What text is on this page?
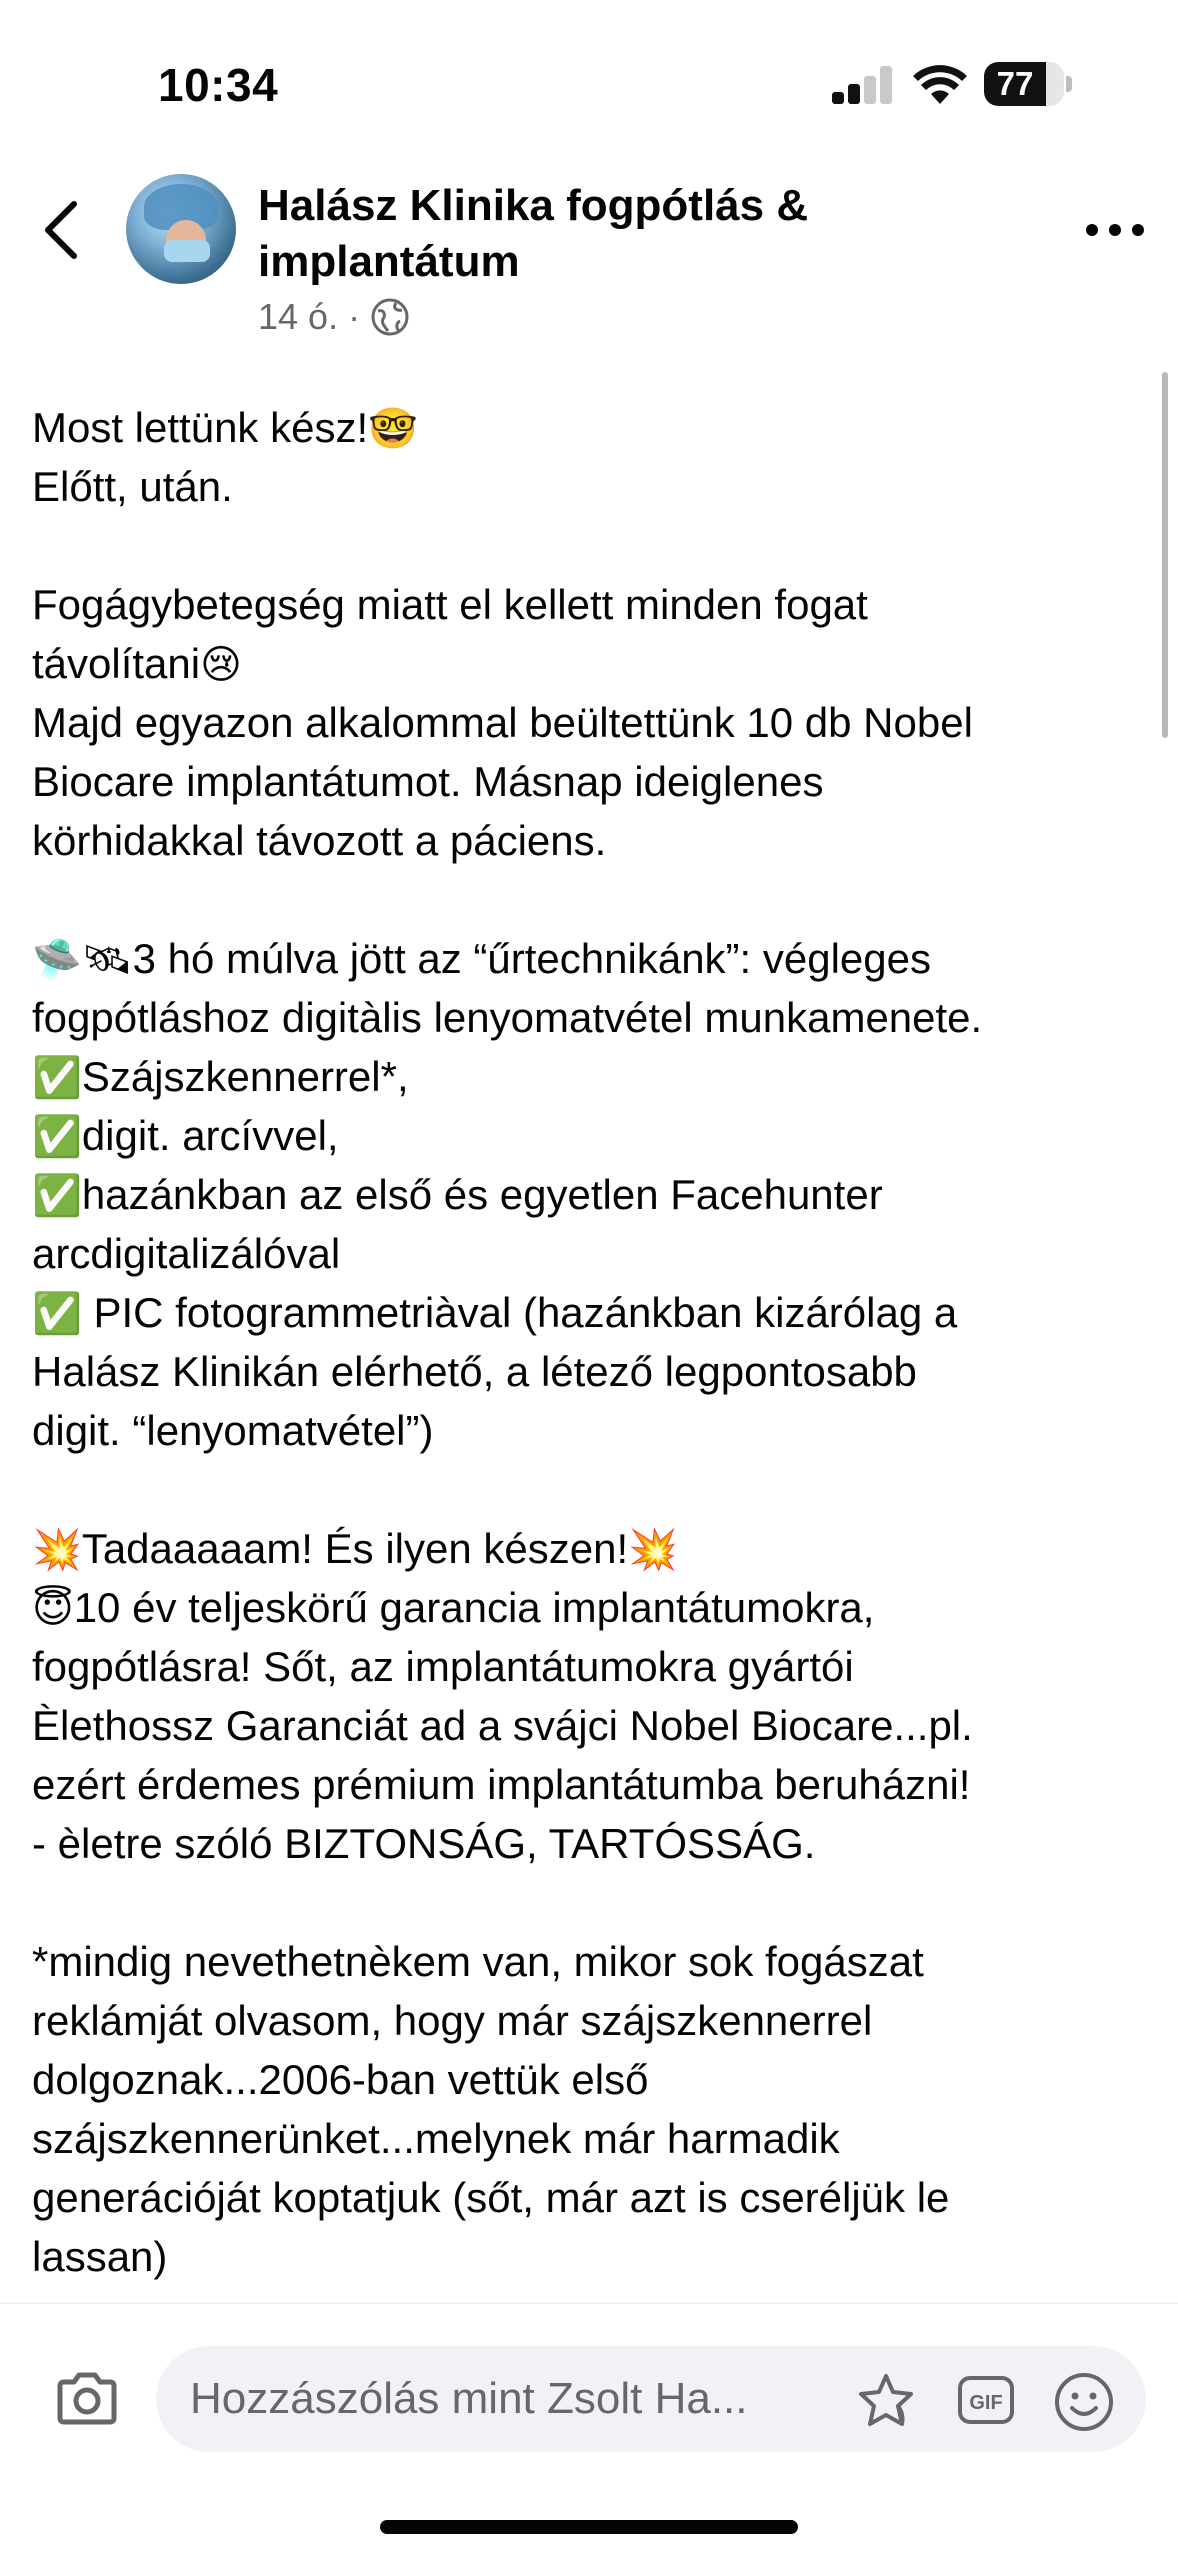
10:34	77
Halász Klinika fogpótlás & implantátum
14 ó. ·
Most lettünk kész!🤓
Előtt, után.
Fogágybetegség miatt el kellett minden fogat
távolítani😢
Majd egyazon alkalommal beültettünk 10 db Nobel
Biocare implantátumot. Másnap ideiglenes
körhidakkal távozott a páciens.
🛸🛰3 hó múlva jött az “űrtechnikánk”: végleges
fogpótláshoz digitàlis lenyomatvétel munkamenete.
✅Szájszkennerrel*,
✅digit. arcívvel,
✅hazánkban az első és egyetlen Facehunter
arcdigitalizálóval
✅ PIC fotogrammetriàval (hazánkban kizárólag a
Halász Klinikán elérhető, a létező legpontosabb
digit. “lenyomatvétel”)
💥Tadaaaaam! És ilyen készen!💥
😇10 év teljeskörű garancia implantátumokra,
fogpótlásra! Sőt, az implantátumokra gyártói
Èlethossz Garanciát ad a svájci Nobel Biocare...pl.
ezért érdemes prémium implantátumba beruházni!
- èletre szóló BIZTONSÁG, TARTÓSSÁG.
*mindig nevethetnèkem van, mikor sok fogászat
reklámját olvasom, hogy már szájszkennerrel
dolgoznak...2006-ban vettük első
szájszkennerünket...melynek már harmadik
generációját koptatjuk (sőt, már azt is cseréljük le
lassan)
Hozzászólás mint Zsolt Ha...	GIF
